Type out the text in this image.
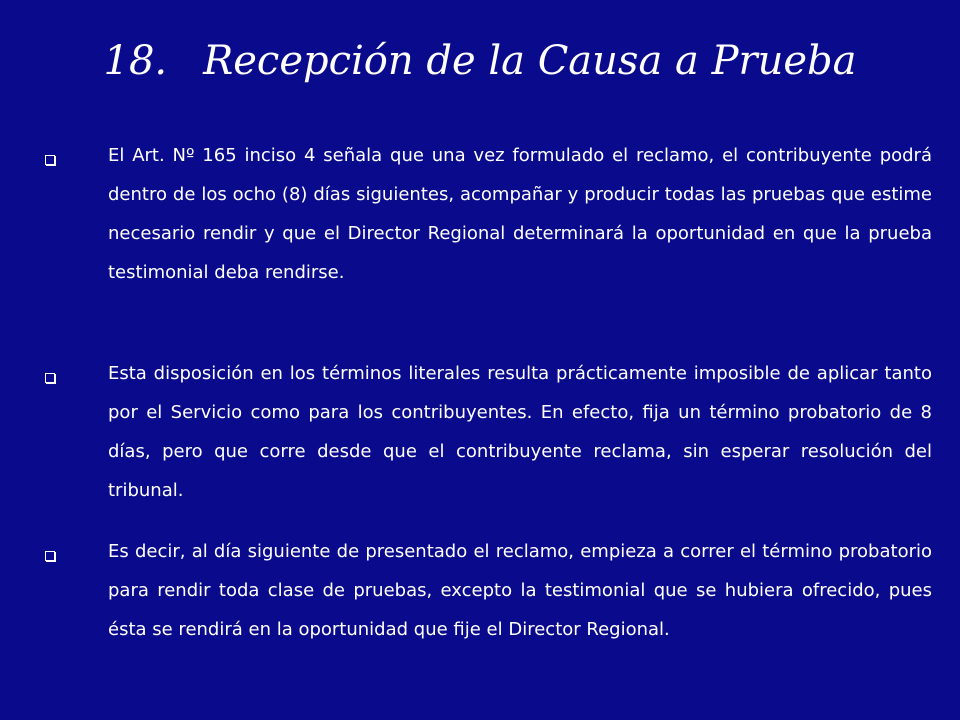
18. Recepción de la Causa a Prueba
El Art. Nº 165 inciso 4 señala que una vez formulado el reclamo, el contribuyente podrá dentro de los ocho (8) días siguientes, acompañar y producir todas las pruebas que estime necesario rendir y que el Director Regional determinará la oportunidad en que la prueba testimonial deba rendirse.
Esta disposición en los términos literales resulta prácticamente imposible de aplicar tanto por el Servicio como para los contribuyentes. En efecto, fija un término probatorio de 8 días, pero que corre desde que el contribuyente reclama, sin esperar resolución del tribunal.
Es decir, al día siguiente de presentado el reclamo, empieza a correr el término probatorio para rendir toda clase de pruebas, excepto la testimonial que se hubiera ofrecido, pues ésta se rendirá en la oportunidad que fije el Director Regional.
